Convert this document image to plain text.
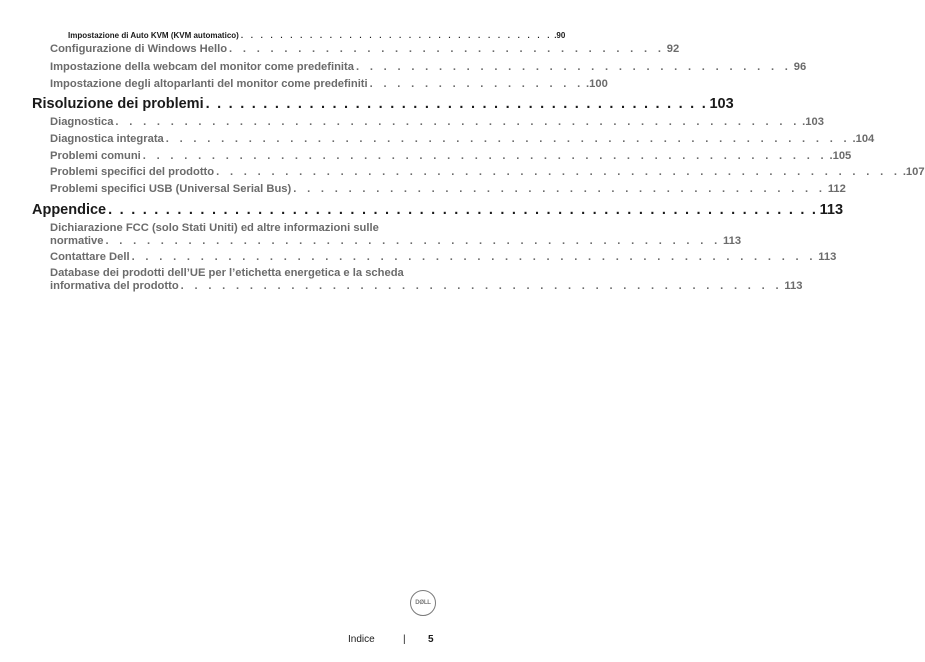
Impostazione di Auto KVM (KVM automatico) . . . . . . . . . . . . . . . . . . . . . . . . . . . . . . . . .90
Configurazione di Windows Hello . . . . . . . . . . . . . . . . . . . . . . . . . . . . . . . . 92
Impostazione della webcam del monitor come predefinita . . . . . . . . . . . . . . . . . . . . . . . . . . . . . . . . 96
Impostazione degli altoparlanti del monitor come predefiniti . . . . . . . . . . . . . . . . .100
Risoluzione dei problemi . . . . . . . . . . . . . . . . . . . . . . . . . . . . . . . . . . . . . . . . . . . . 103
Diagnostica . . . . . . . . . . . . . . . . . . . . . . . . . . . . . . . . . . . . . . . . . . . . . . . . . . .103
Diagnostica integrata . . . . . . . . . . . . . . . . . . . . . . . . . . . . . . . . . . . . . . . . . . . . . . . . . . .104
Problemi comuni . . . . . . . . . . . . . . . . . . . . . . . . . . . . . . . . . . . . . . . . . . . . . . . . . . .105
Problemi specifici del prodotto . . . . . . . . . . . . . . . . . . . . . . . . . . . . . . . . . . . . . . . . . . . . . . . . . . .107
Problemi specifici USB (Universal Serial Bus) . . . . . . . . . . . . . . . . . . . . . . . . . . . . . . . . . . . . . . . 112
Appendice . . . . . . . . . . . . . . . . . . . . . . . . . . . . . . . . . . . . . . . . . . . . . . . . . . . . . . . . . . . . . . 113
Dichiarazione FCC (solo Stati Uniti) ed altre informazioni sulle
normative . . . . . . . . . . . . . . . . . . . . . . . . . . . . . . . . . . . . . . . . . . . . . 113
Contattare Dell . . . . . . . . . . . . . . . . . . . . . . . . . . . . . . . . . . . . . . . . . . . . . . . . . . 113
Database dei prodotti dell’UE per l’etichetta energetica e la scheda
informativa del prodotto . . . . . . . . . . . . . . . . . . . . . . . . . . . . . . . . . . . . . . . . . . . . 113
DØLL
Indice	| 5
